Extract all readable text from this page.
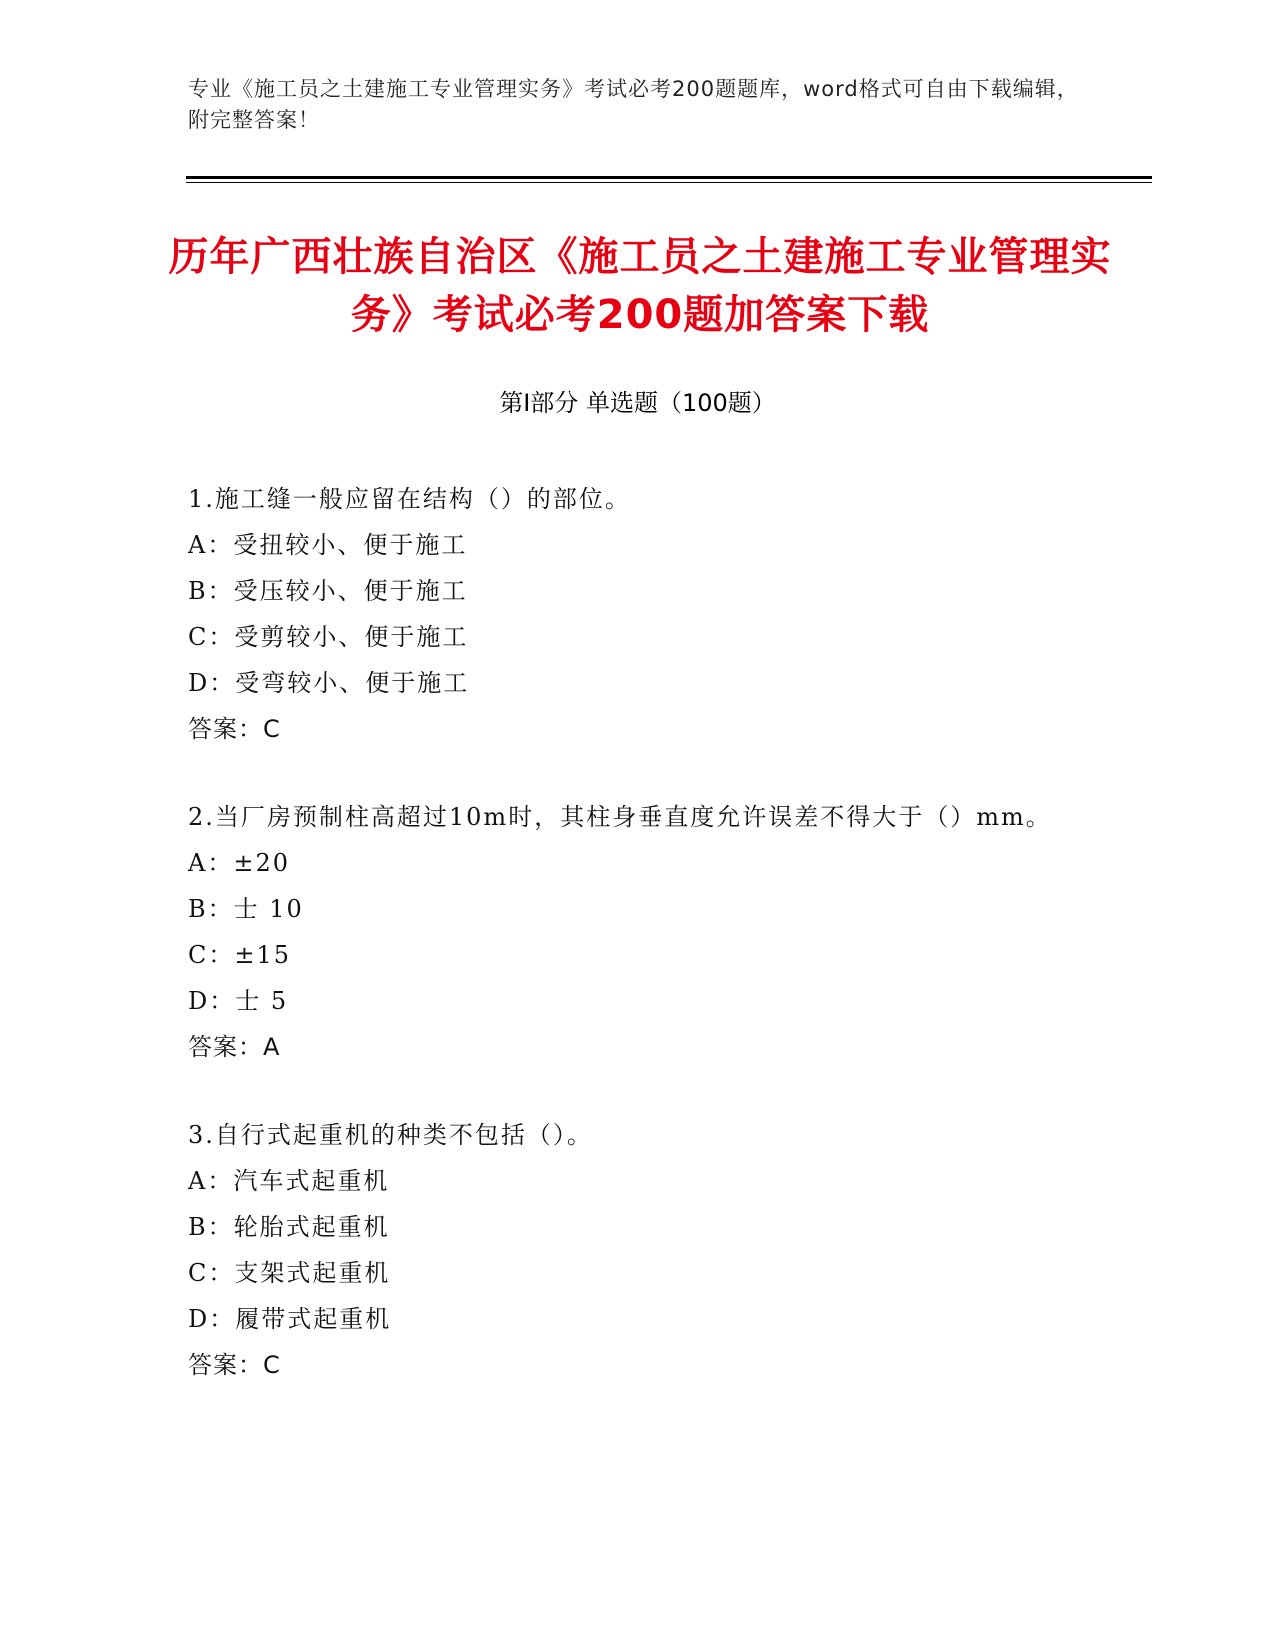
专业《施工员之土建施工专业管理实务》考试必考200题题库，word格式可自由下载编辑，附完整答案！
历年广西壮族自治区《施工员之土建施工专业管理实务》考试必考200题加答案下载
第Ⅰ部分 单选题（100题）
1.施工缝一般应留在结构（）的部位。
A：受扭较小、便于施工
B：受压较小、便于施工
C：受剪较小、便于施工
D：受弯较小、便于施工
答案：C
2.当厂房预制柱高超过10m时，其柱身垂直度允许误差不得大于（）mm。
A：±20
B：士 10
C：±15
D：士 5
答案：A
3.自行式起重机的种类不包括（）。
A：汽车式起重机
B：轮胎式起重机
C：支架式起重机
D：履带式起重机
答案：C
